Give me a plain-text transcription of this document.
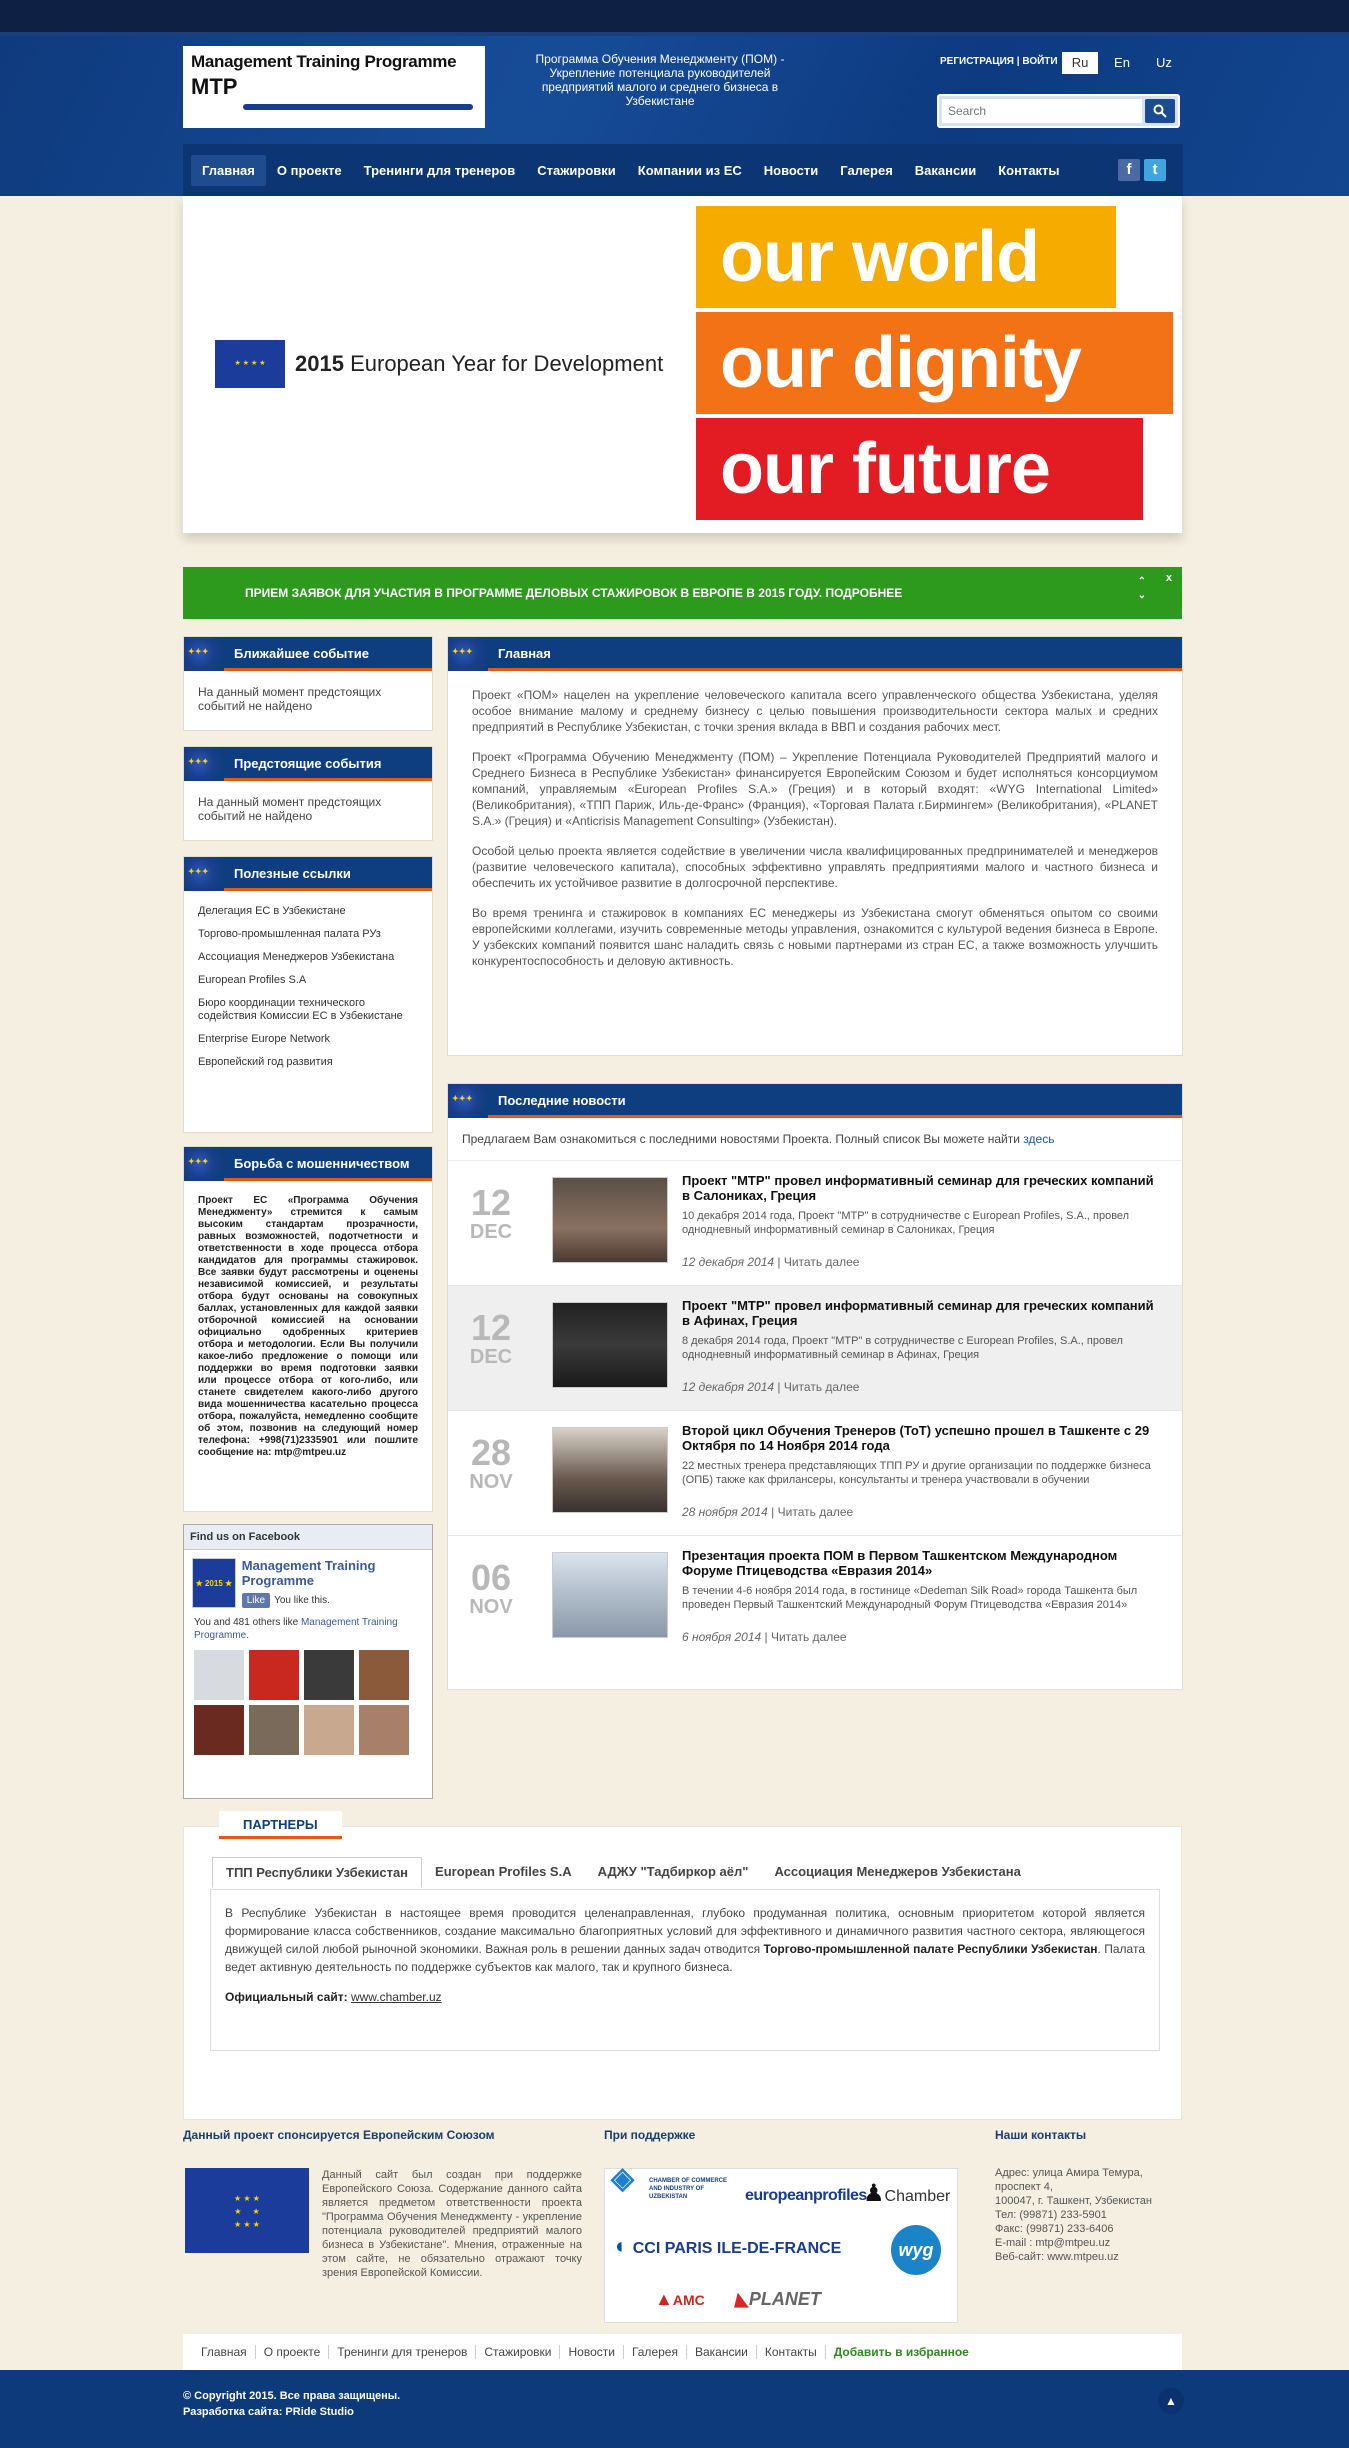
Management Training Programme
MTP
Программа Обучения Менеджменту (ПОМ) - Укрепление потенциала руководителей предприятий малого и среднего бизнеса в Узбекистане
РЕГИСТРАЦИЯ | ВОЙТИ	Ru	En	Uz
Search
Главная	О проекте	Тренинги для тренеров	Стажировки	Компании из ЕС	Новости	Галерея	Вакансии	Контакты	f	t
★ ★ ★ ★	2015 European Year for Development
our world
our dignity
our future
ПРИЕМ ЗАЯВОК ДЛЯ УЧАСТИЯ В ПРОГРАММЕ ДЕЛОВЫХ СТАЖИРОВОК В ЕВРОПЕ В 2015 ГОДУ. ПОДРОБНЕЕ
⌃
⌄
x
✦ ✦ ✦
Ближайшее событие
На данный момент предстоящих событий не найдено
✦ ✦ ✦
Предстоящие события
На данный момент предстоящих событий не найдено
✦ ✦ ✦
Полезные ссылки
Делегация ЕС в Узбекистане
Торгово-промышленная палата РУз
Ассоциация Менеджеров Узбекистана
European Profiles S.A
Бюро координации технического содействия Комиссии ЕС в Узбекистане
Enterprise Europe Network
Европейский год развития
✦ ✦ ✦
Борьба с мошенничеством
Проект ЕС «Программа Обучения Менеджменту» стремится к самым высоким стандартам прозрачности, равных возможностей, подотчетности и ответственности в ходе процесса отбора кандидатов для программы стажировок. Все заявки будут рассмотрены и оценены независимой комиссией, и результаты отбора будут основаны на совокупных баллах, установленных для каждой заявки отборочной комиссией на основании официально одобренных критериев отбора и методологии. Если Вы получили какое-либо предложение о помощи или поддержки во время подготовки заявки или процессе отбора от кого-либо, или станете свидетелем какого-либо другого вида мошенничества касательно процесса отбора, пожалуйста, немедленно сообщите об этом, позвонив на следующий номер телефона: +998(71)2335901 или пошлите сообщение на: mtp@mtpeu.uz
Find us on Facebook
★ 2015 ★
Management Training Programme
Like You like this.
You and 481 others like Management Training Programme.
✦ ✦ ✦
Главная

Проект «ПОМ» нацелен на укрепление человеческого капитала всего управленческого общества Узбекистана, уделяя особое внимание малому и среднему бизнесу с целью повышения производительности сектора малых и средних предприятий в Республике Узбекистан, с точки зрения вклада в ВВП и создания рабочих мест.

Проект «Программа Обучению Менеджменту (ПОМ) – Укрепление Потенциала Руководителей Предприятий малого и Среднего Бизнеса в Республике Узбекистан» финансируется Европейским Союзом и будет исполняться консорциумом компаний, управляемым «European Profiles S.A.» (Греция) и в который входят: «WYG International Limited» (Великобритания), «ТПП Париж, Иль-де-Франс» (Франция), «Торговая Палата г.Бирмингем» (Великобритания), «PLANET S.A.» (Греция) и «Anticrisis Management Consulting» (Узбекистан).

Особой целью проекта является содействие в увеличении числа квалифицированных предпринимателей и менеджеров (развитие человеческого капитала), способных эффективно управлять предприятиями малого и частного бизнеса и обеспечить их устойчивое развитие в долгосрочной перспективе.

Во время тренинга и стажировок в компаниях ЕС менеджеры из Узбекистана смогут обменяться опытом со своими европейскими коллегами, изучить современные методы управления, ознакомится с культурой ведения бизнеса в Европе. У узбекских компаний появится шанс наладить связь с новыми партнерами из стран ЕС, а также возможность улучшить конкурентоспособность и деловую активность.

✦ ✦ ✦
Последние новости
Предлагаем Вам ознакомиться с последними новостями Проекта. Полный список Вы можете найти здесь
12
DEC
Проект "MTP" провел информативный семинар для греческих компаний в Салониках, Греция
10 декабря 2014 года, Проект "MTP" в сотрудничестве с European Profiles, S.A., провел однодневный информативный семинар в Салониках, Греция
12 декабря 2014 | Читать далее
12
DEC
Проект "MTP" провел информативный семинар для греческих компаний в Афинах, Греция
8 декабря 2014 года, Проект "MTP" в сотрудничестве с European Profiles, S.A., провел однодневный информативный семинар в Афинах, Греция
12 декабря 2014 | Читать далее
28
NOV
Второй цикл Обучения Тренеров (ToT) успешно прошел в Ташкенте с 29 Октября по 14 Ноября 2014 года
22 местных тренера представляющих ТПП РУ и другие организации по поддержке бизнеса (ОПБ) также как фрилансеры, консультанты и тренера участвовали в обучении
28 ноября 2014 | Читать далее
06
NOV
Презентация проекта ПОМ в Первом Ташкентском Международном Форуме Птицеводства «Евразия 2014»
В течении 4-6 ноября 2014 года, в гостинице «Dedeman Silk Road» города Ташкента был проведен Первый Ташкентский Международный Форум Птицеводства «Евразия 2014»
6 ноября 2014 | Читать далее
ПАРТНЕРЫ
ТПП Республики Узбекистан	European Profiles S.A	АДЖУ "Тадбиркор аёл"	Ассоциация Менеджеров Узбекистана
В Республике Узбекистан в настоящее время проводится целенаправленная, глубоко продуманная политика, основным приоритетом которой является формирование класса собственников, создание максимально благоприятных условий для эффективного и динамичного развития частного сектора, являющегося движущей силой любой рыночной экономики. Важная роль в решении данных задач отводится Торгово-промышленной палате Республики Узбекистан. Палата ведет активную деятельность по поддержке субъектов как малого, так и крупного бизнеса.
Официальный сайт: www.chamber.uz
Данный проект спонсируется Европейским Союзом
★ ★ ★
★     ★
★ ★ ★
Данный сайт был создан при поддержке Европейского Союза. Содержание данного сайта является предметом ответственности проекта "Программа Обучения Менеджменту - укрепление потенциала руководителей предприятий малого бизнеса в Узбекистане". Мнения, отраженные на этом сайте, не обязательно отражают точку зрения Европейской Комиссии.
При поддержке
◈ CHAMBER OF COMMERCE AND INDUSTRY OF UZBEKISTAN	europeanprofiles
♟Chamber
◐ CCI PARIS ILE-DE-FRANCE	wyg
▲AMC ◣PLANET
Наши контакты
Адрес: улица Амира Темура,
проспект 4,
100047, г. Ташкент, Узбекистан
Тел: (99871) 233-5901
Факс: (99871) 233-6406
E-mail : mtp@mtpeu.uz
Веб-сайт: www.mtpeu.uz
Главная	О проекте	Тренинги для тренеров	Стажировки	Новости	Галерея	Вакансии	Контакты	Добавить в избранное
© Copyright 2015. Все права защищены.
Разработка сайта: PRide Studio
▲
